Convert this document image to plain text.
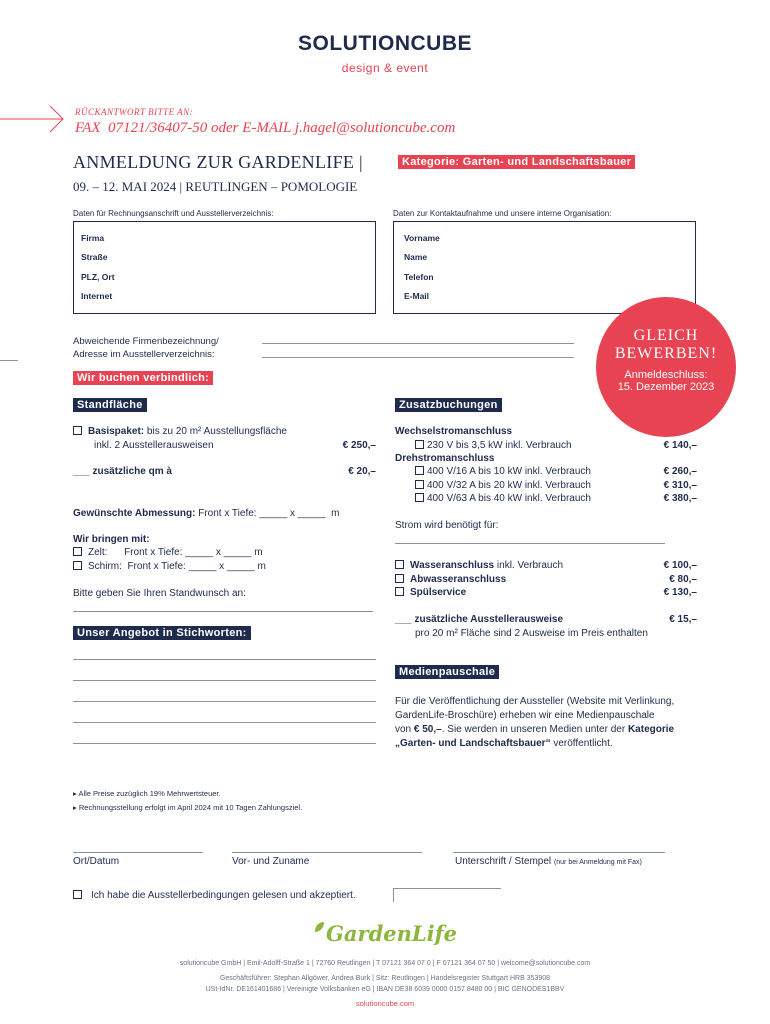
SOLUTIONCUBE
design & event
RÜCKANTWORT BITTE AN:
FAX  07121/36407-50 oder E-MAIL j.hagel@solutioncube.com
ANMELDUNG ZUR GARDENLIFE |	Kategorie: Garten- und Landschaftsbauer
09. – 12. MAI 2024 | REUTLINGEN – POMOLOGIE
Daten für Rechnungsanschrift und Ausstellerverzeichnis:	Daten zur Kontaktaufnahme und unsere interne Organisation:
Firma
Straße
PLZ, Ort
Internet
Vorname
Name
Telefon
E-Mail
Abweichende Firmenbezeichnung/
Adresse im Ausstellerverzeichnis:
GLEICH
BEWERBEN!
Anmeldeschluss:
15. Dezember 2023
Wir buchen verbindlich:
Standfläche
Basispaket: bis zu 20 m² Ausstellungsfläche
inkl. 2 Ausstellerausweisen	€ 250,–
___ zusätzliche qm à	€ 20,–
Gewünschte Abmessung: Front x Tiefe: _____ x _____  m
Wir bringen mit:
Zelt:      Front x Tiefe: _____ x _____ m
Schirm:  Front x Tiefe: _____ x _____ m
Bitte geben Sie Ihren Standwunsch an:
Unser Angebot in Stichworten:
Zusatzbuchungen
Wechselstromanschluss
230 V bis 3,5 kW inkl. Verbrauch	€ 140,–
Drehstromanschluss
400 V/16 A bis 10 kW inkl. Verbrauch	€ 260,–
400 V/32 A bis 20 kW inkl. Verbrauch	€ 310,–
400 V/63 A bis 40 kW inkl. Verbrauch	€ 380,–
Strom wird benötigt für:
Wasseranschluss inkl. Verbrauch	€ 100,–
Abwasseranschluss	€ 80,–
Spülservice	€ 130,–
___ zusätzliche Ausstellerausweise	€ 15,–
pro 20 m² Fläche sind 2 Ausweise im Preis enthalten
Medienpauschale
Für die Veröffentlichung der Aussteller (Website mit Verlinkung,
GardenLife-Broschüre) erheben wir eine Medienpauschale
von € 50,–. Sie werden in unseren Medien unter der Kategorie
„Garten- und Landschaftsbauer“ veröffentlicht.
▸ Alle Preise zuzüglich 19% Mehrwertsteuer.
▸ Rechnungsstellung erfolgt im April 2024 mit 10 Tagen Zahlungsziel.
Ort/Datum	Vor- und Zuname	Unterschrift / Stempel (nur bei Anmeldung mit Fax)
Ich habe die Ausstellerbedingungen gelesen und akzeptiert.
GardenLife
solutioncube GmbH | Emil-Adolff-Straße 1 | 72760 Reutlingen | T 07121 364 07 0 | F 07121 364 07 50 | welcome@solutioncube.com
Geschäftsführer: Stephan Allgöwer, Andrea Burk | Sitz: Reutlingen | Handelsregister Stuttgart HRB 353908
USt-IdNr. DE161401686 | Vereinigte Volksbanken eG | IBAN DE38 6039 0000 0157 8480 00 | BIC GENODES1BBV
solutioncube.com
